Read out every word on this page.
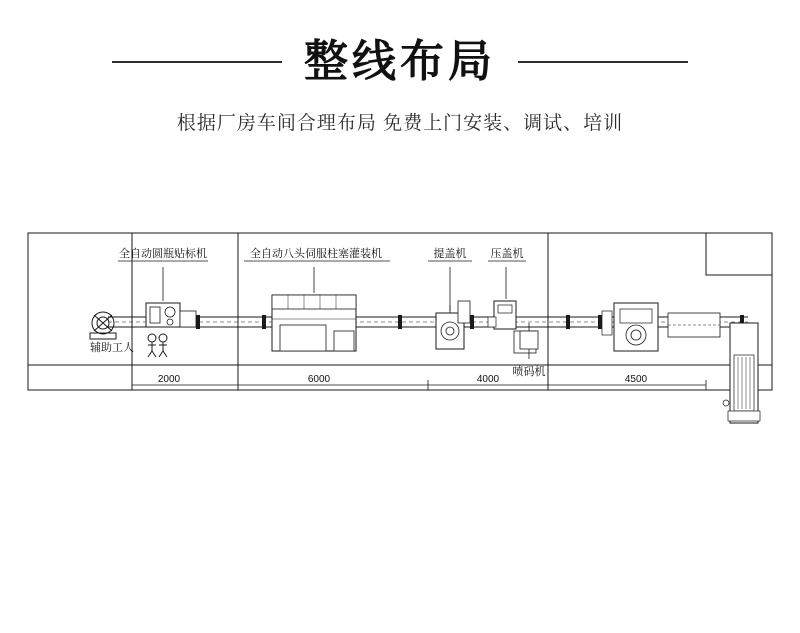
整线布局
根据厂房车间合理布局 免费上门安装、调试、培训
全自动圆瓶贴标机	全自动八头伺服柱塞灌装机	提盖机 压盖机
喷码机
辅助工人
2000	6000	4000	4500
